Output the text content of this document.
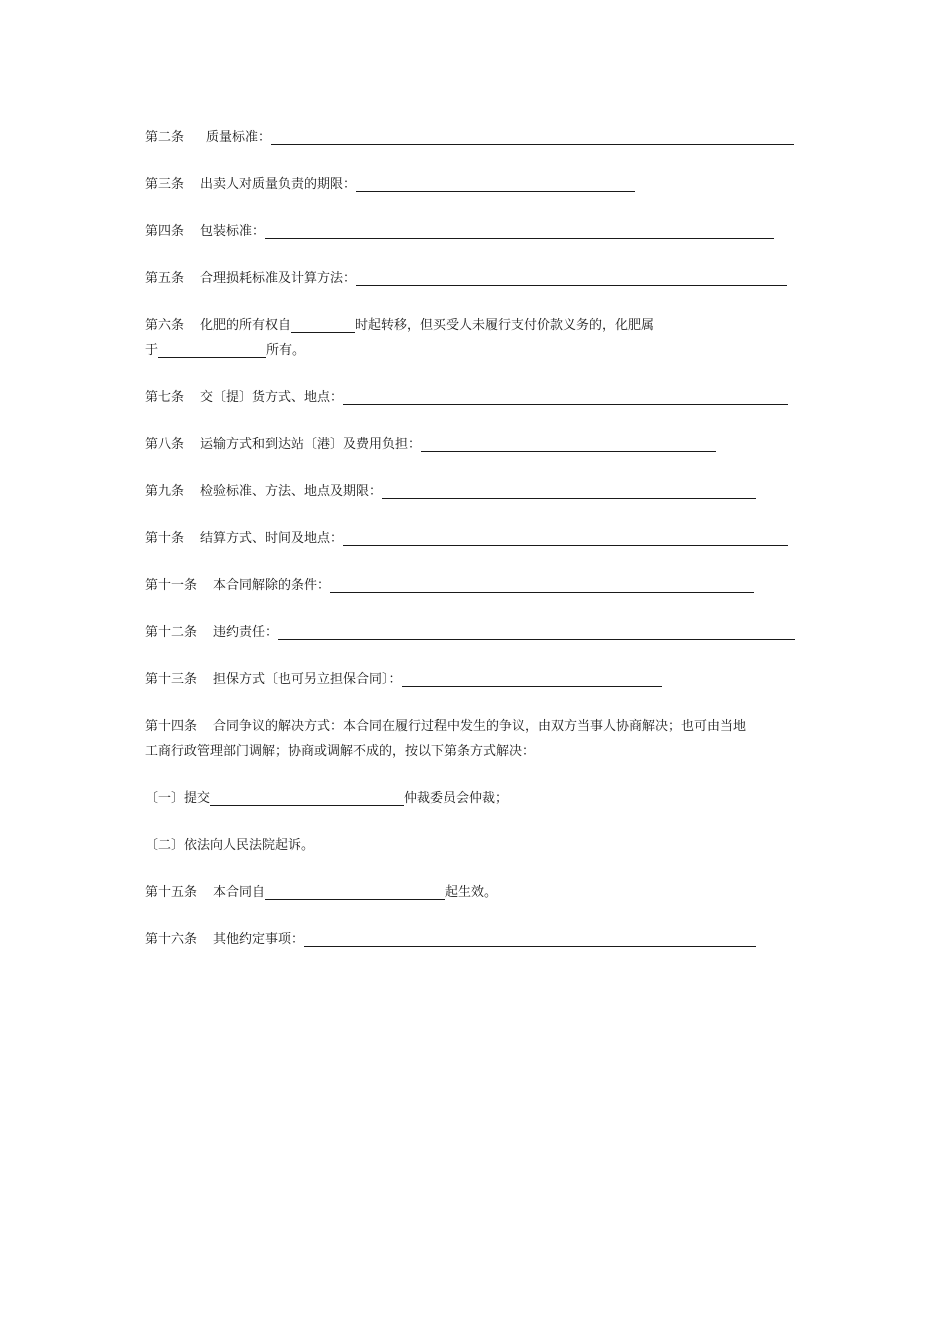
第二条 质量标准：
第三条 出卖人对质量负责的期限：
第四条 包装标准：
第五条 合理损耗标准及计算方法：
第六条 化肥的所有权自	时起转移，但买受人未履行支付价款义务的，化肥属
于	所有。
第七条 交〔提〕货方式、地点：
第八条 运输方式和到达站〔港〕及费用负担：
第九条 检验标准、方法、地点及期限：
第十条 结算方式、时间及地点：
第十一条 本合同解除的条件：
第十二条 违约责任：
第十三条 担保方式〔也可另立担保合同〕：
第十四条 合同争议的解决方式：本合同在履行过程中发生的争议，由双方当事人协商解决；也可由当地
工商行政管理部门调解；协商或调解不成的，按以下第条方式解决：
〔一〕提交	仲裁委员会仲裁；
〔二〕依法向人民法院起诉。
第十五条 本合同自	起生效。
第十六条 其他约定事项：
